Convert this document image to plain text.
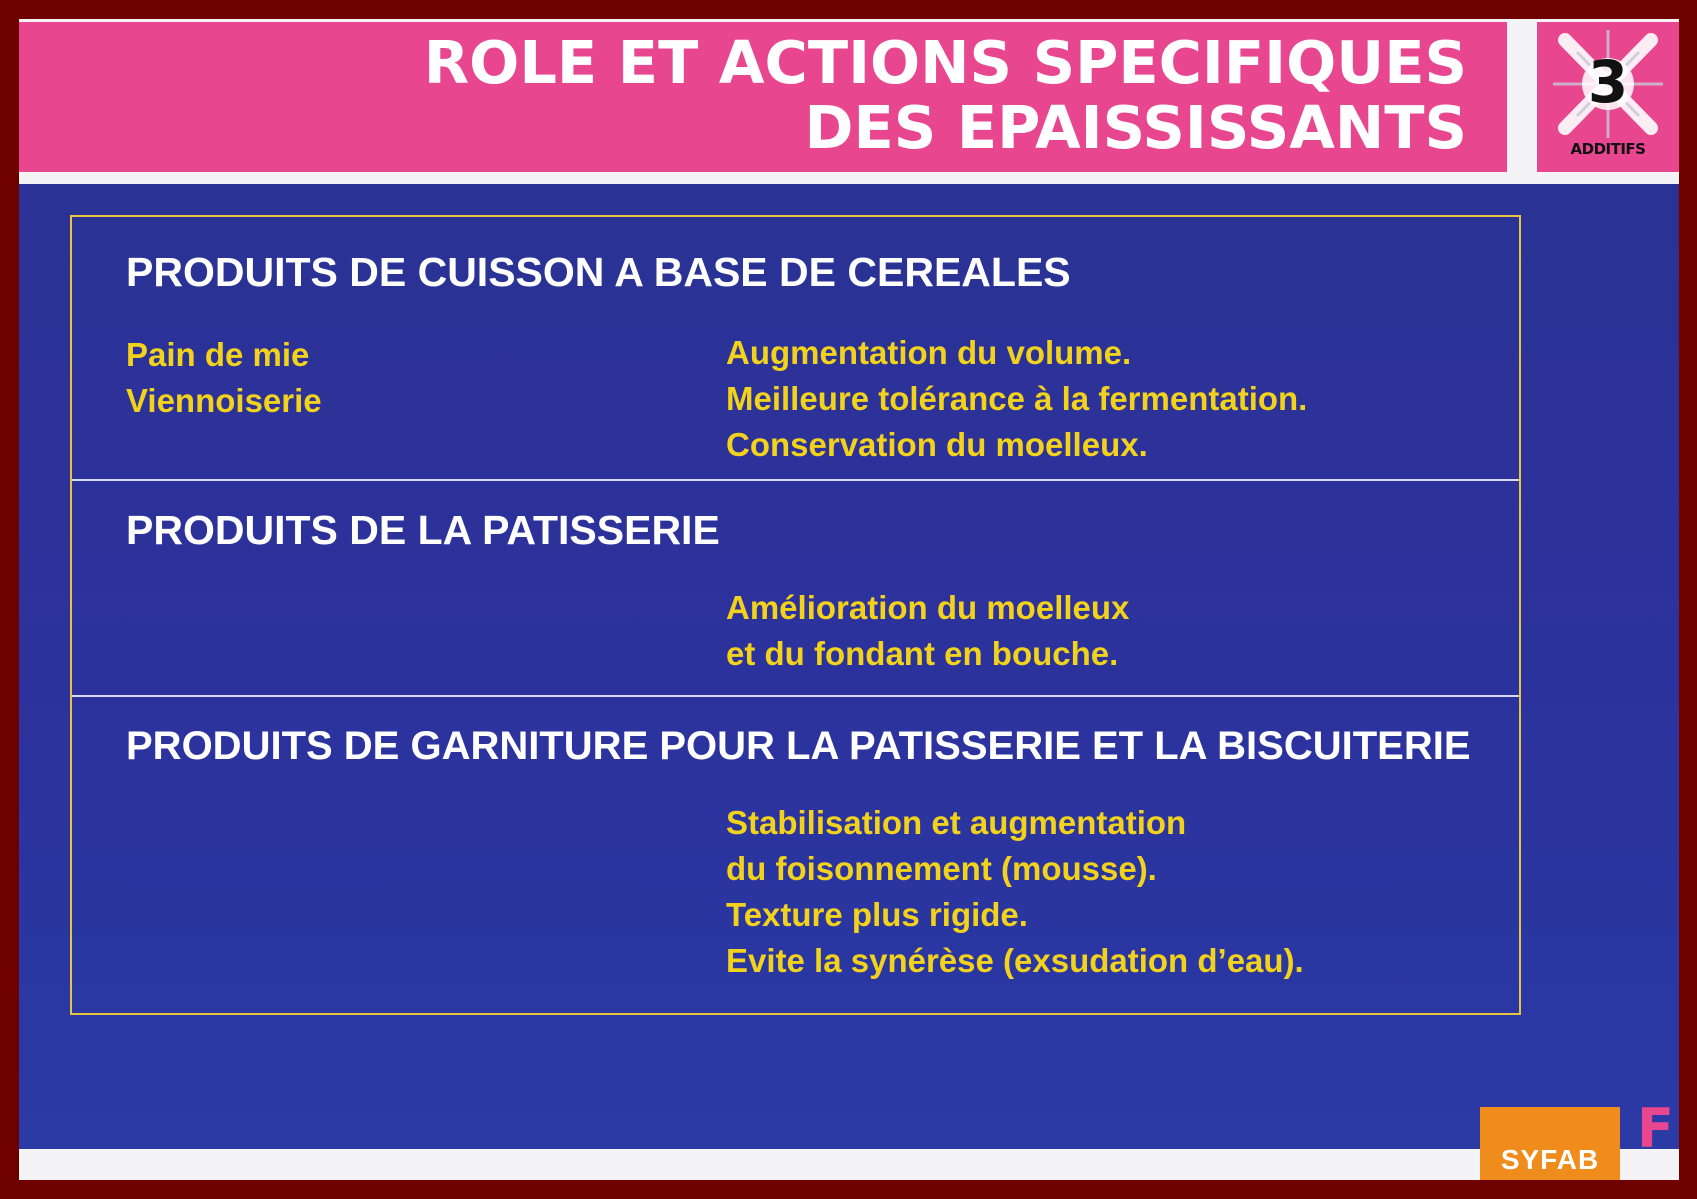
ROLE ET ACTIONS SPECIFIQUES
DES EPAISSISSANTS
3
ADDITIFS
PRODUITS DE CUISSON A BASE DE CEREALES
Pain de mie
Viennoiserie
Augmentation du volume.
Meilleure tolérance à la fermentation.
Conservation du moelleux.
PRODUITS DE LA PATISSERIE
Amélioration du moelleux
et du fondant en bouche.
PRODUITS DE GARNITURE POUR LA PATISSERIE ET LA BISCUITERIE
Stabilisation et augmentation
du foisonnement (mousse).
Texture plus rigide.
Evite la synérèse (exsudation d’eau).
SYFAB F
